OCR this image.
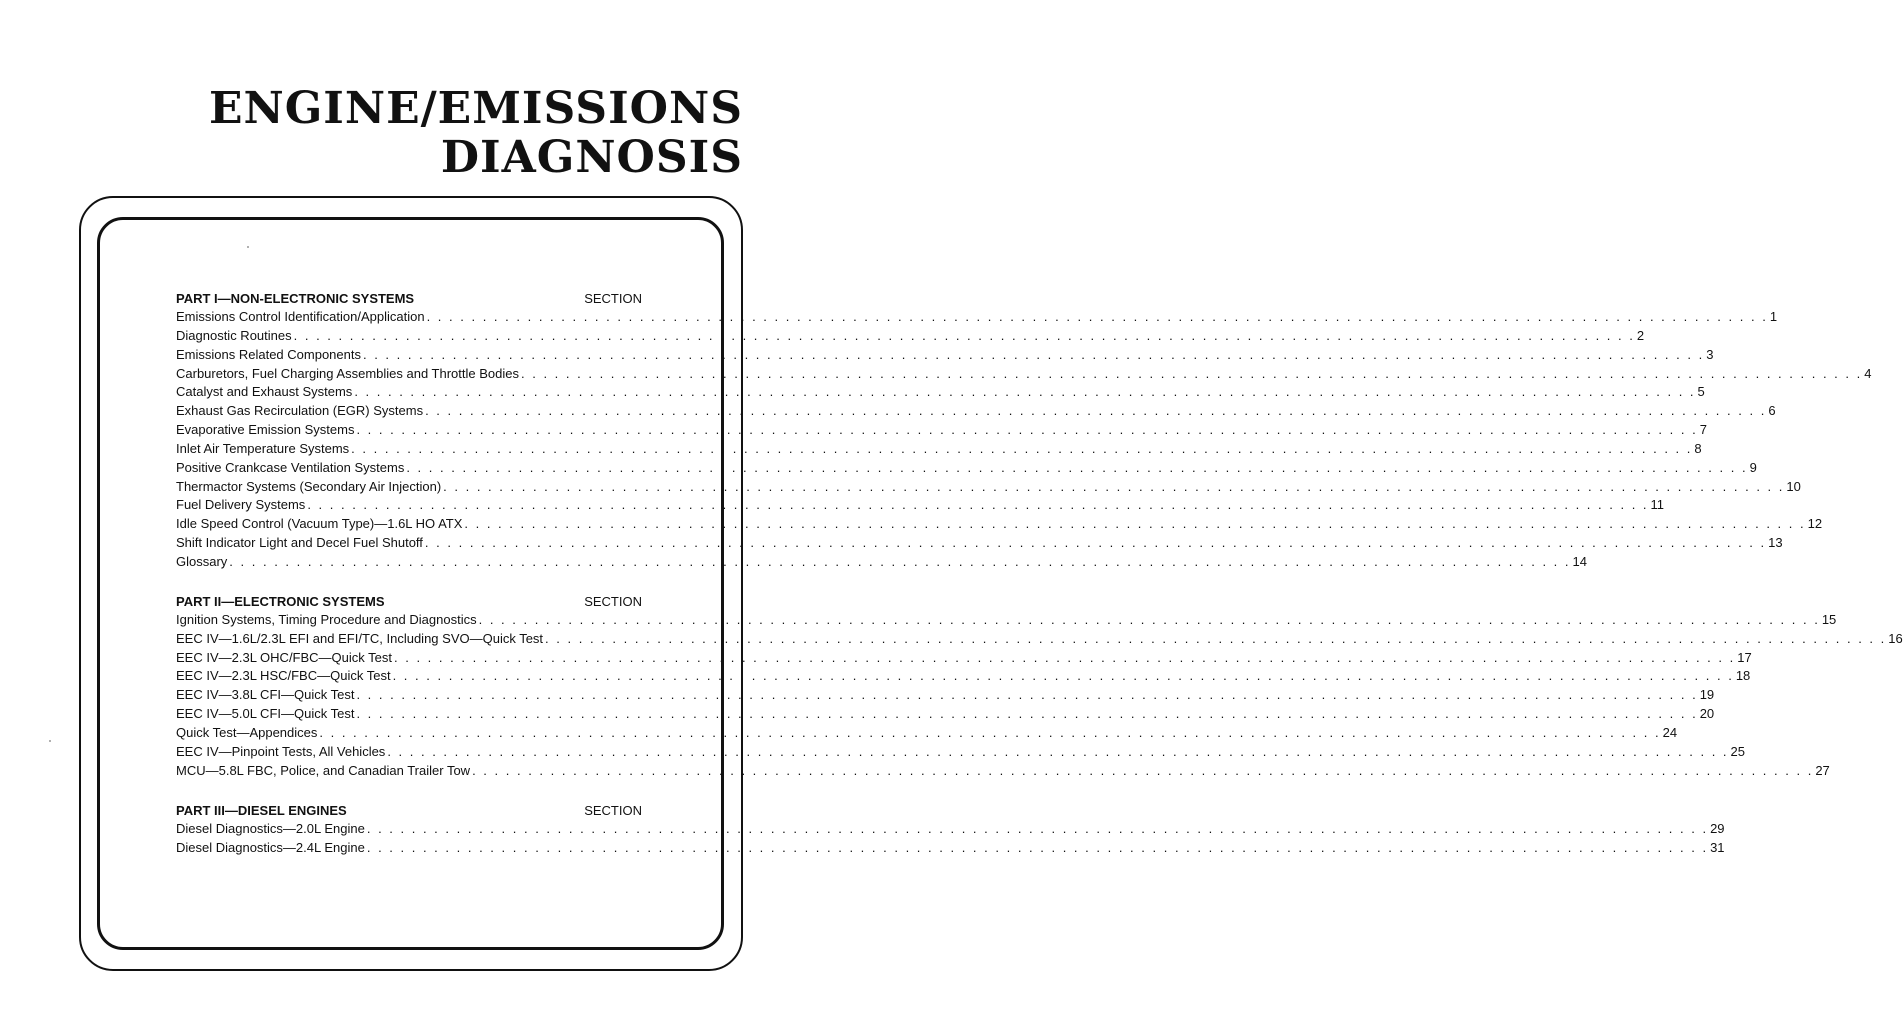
ENGINE/EMISSIONS
DIAGNOSIS
PART I—NON-ELECTRONIC SYSTEMS	SECTION
Emissions Control Identification/Application . . . . . . . . . . . . . . . . . . . . . . . . . . . . . . . . . . . . . . . . . . . . . . . . . . . . . . . . . . . . . . . . . . . . . . . . . . . . . . . . . . . . . . . . . . . . . . . . . . . . . . . . . . . . . . . . . . . . . . . . 1
Diagnostic Routines . . . . . . . . . . . . . . . . . . . . . . . . . . . . . . . . . . . . . . . . . . . . . . . . . . . . . . . . . . . . . . . . . . . . . . . . . . . . . . . . . . . . . . . . . . . . . . . . . . . . . . . . . . . . . . . . . . . . . . . . 2
Emissions Related Components . . . . . . . . . . . . . . . . . . . . . . . . . . . . . . . . . . . . . . . . . . . . . . . . . . . . . . . . . . . . . . . . . . . . . . . . . . . . . . . . . . . . . . . . . . . . . . . . . . . . . . . . . . . . . . . . . . . . . . . . 3
Carburetors, Fuel Charging Assemblies and Throttle Bodies . . . . . . . . . . . . . . . . . . . . . . . . . . . . . . . . . . . . . . . . . . . . . . . . . . . . . . . . . . . . . . . . . . . . . . . . . . . . . . . . . . . . . . . . . . . . . . . . . . . . . . . . . . . . . . . . . . . . . . . . 4
Catalyst and Exhaust Systems . . . . . . . . . . . . . . . . . . . . . . . . . . . . . . . . . . . . . . . . . . . . . . . . . . . . . . . . . . . . . . . . . . . . . . . . . . . . . . . . . . . . . . . . . . . . . . . . . . . . . . . . . . . . . . . . . . . . . . . . 5
Exhaust Gas Recirculation (EGR) Systems . . . . . . . . . . . . . . . . . . . . . . . . . . . . . . . . . . . . . . . . . . . . . . . . . . . . . . . . . . . . . . . . . . . . . . . . . . . . . . . . . . . . . . . . . . . . . . . . . . . . . . . . . . . . . . . . . . . . . . . . 6
Evaporative Emission Systems . . . . . . . . . . . . . . . . . . . . . . . . . . . . . . . . . . . . . . . . . . . . . . . . . . . . . . . . . . . . . . . . . . . . . . . . . . . . . . . . . . . . . . . . . . . . . . . . . . . . . . . . . . . . . . . . . . . . . . . . 7
Inlet Air Temperature Systems . . . . . . . . . . . . . . . . . . . . . . . . . . . . . . . . . . . . . . . . . . . . . . . . . . . . . . . . . . . . . . . . . . . . . . . . . . . . . . . . . . . . . . . . . . . . . . . . . . . . . . . . . . . . . . . . . . . . . . . . 8
Positive Crankcase Ventilation Systems . . . . . . . . . . . . . . . . . . . . . . . . . . . . . . . . . . . . . . . . . . . . . . . . . . . . . . . . . . . . . . . . . . . . . . . . . . . . . . . . . . . . . . . . . . . . . . . . . . . . . . . . . . . . . . . . . . . . . . . . 9
Thermactor Systems (Secondary Air Injection) . . . . . . . . . . . . . . . . . . . . . . . . . . . . . . . . . . . . . . . . . . . . . . . . . . . . . . . . . . . . . . . . . . . . . . . . . . . . . . . . . . . . . . . . . . . . . . . . . . . . . . . . . . . . . . . . . . . . . . . . 10
Fuel Delivery Systems . . . . . . . . . . . . . . . . . . . . . . . . . . . . . . . . . . . . . . . . . . . . . . . . . . . . . . . . . . . . . . . . . . . . . . . . . . . . . . . . . . . . . . . . . . . . . . . . . . . . . . . . . . . . . . . . . . . . . . . . 11
Idle Speed Control (Vacuum Type)—1.6L HO ATX . . . . . . . . . . . . . . . . . . . . . . . . . . . . . . . . . . . . . . . . . . . . . . . . . . . . . . . . . . . . . . . . . . . . . . . . . . . . . . . . . . . . . . . . . . . . . . . . . . . . . . . . . . . . . . . . . . . . . . . . 12
Shift Indicator Light and Decel Fuel Shutoff . . . . . . . . . . . . . . . . . . . . . . . . . . . . . . . . . . . . . . . . . . . . . . . . . . . . . . . . . . . . . . . . . . . . . . . . . . . . . . . . . . . . . . . . . . . . . . . . . . . . . . . . . . . . . . . . . . . . . . . . 13
Glossary . . . . . . . . . . . . . . . . . . . . . . . . . . . . . . . . . . . . . . . . . . . . . . . . . . . . . . . . . . . . . . . . . . . . . . . . . . . . . . . . . . . . . . . . . . . . . . . . . . . . . . . . . . . . . . . . . . . . . . . . 14
PART II—ELECTRONIC SYSTEMS	SECTION
Ignition Systems, Timing Procedure and Diagnostics . . . . . . . . . . . . . . . . . . . . . . . . . . . . . . . . . . . . . . . . . . . . . . . . . . . . . . . . . . . . . . . . . . . . . . . . . . . . . . . . . . . . . . . . . . . . . . . . . . . . . . . . . . . . . . . . . . . . . . . . 15
EEC IV—1.6L/2.3L EFI and EFI/TC, Including SVO—Quick Test . . . . . . . . . . . . . . . . . . . . . . . . . . . . . . . . . . . . . . . . . . . . . . . . . . . . . . . . . . . . . . . . . . . . . . . . . . . . . . . . . . . . . . . . . . . . . . . . . . . . . . . . . . . . . . . . . . . . . . . . 16
EEC IV—2.3L OHC/FBC—Quick Test . . . . . . . . . . . . . . . . . . . . . . . . . . . . . . . . . . . . . . . . . . . . . . . . . . . . . . . . . . . . . . . . . . . . . . . . . . . . . . . . . . . . . . . . . . . . . . . . . . . . . . . . . . . . . . . . . . . . . . . . 17
EEC IV—2.3L HSC/FBC—Quick Test . . . . . . . . . . . . . . . . . . . . . . . . . . . . . . . . . . . . . . . . . . . . . . . . . . . . . . . . . . . . . . . . . . . . . . . . . . . . . . . . . . . . . . . . . . . . . . . . . . . . . . . . . . . . . . . . . . . . . . . . 18
EEC IV—3.8L CFI—Quick Test . . . . . . . . . . . . . . . . . . . . . . . . . . . . . . . . . . . . . . . . . . . . . . . . . . . . . . . . . . . . . . . . . . . . . . . . . . . . . . . . . . . . . . . . . . . . . . . . . . . . . . . . . . . . . . . . . . . . . . . . 19
EEC IV—5.0L CFI—Quick Test . . . . . . . . . . . . . . . . . . . . . . . . . . . . . . . . . . . . . . . . . . . . . . . . . . . . . . . . . . . . . . . . . . . . . . . . . . . . . . . . . . . . . . . . . . . . . . . . . . . . . . . . . . . . . . . . . . . . . . . . 20
Quick Test—Appendices . . . . . . . . . . . . . . . . . . . . . . . . . . . . . . . . . . . . . . . . . . . . . . . . . . . . . . . . . . . . . . . . . . . . . . . . . . . . . . . . . . . . . . . . . . . . . . . . . . . . . . . . . . . . . . . . . . . . . . . . 24
EEC IV—Pinpoint Tests, All Vehicles . . . . . . . . . . . . . . . . . . . . . . . . . . . . . . . . . . . . . . . . . . . . . . . . . . . . . . . . . . . . . . . . . . . . . . . . . . . . . . . . . . . . . . . . . . . . . . . . . . . . . . . . . . . . . . . . . . . . . . . . 25
MCU—5.8L FBC, Police, and Canadian Trailer Tow . . . . . . . . . . . . . . . . . . . . . . . . . . . . . . . . . . . . . . . . . . . . . . . . . . . . . . . . . . . . . . . . . . . . . . . . . . . . . . . . . . . . . . . . . . . . . . . . . . . . . . . . . . . . . . . . . . . . . . . . 27
PART III—DIESEL ENGINES	SECTION
Diesel Diagnostics—2.0L Engine . . . . . . . . . . . . . . . . . . . . . . . . . . . . . . . . . . . . . . . . . . . . . . . . . . . . . . . . . . . . . . . . . . . . . . . . . . . . . . . . . . . . . . . . . . . . . . . . . . . . . . . . . . . . . . . . . . . . . . . . 29
Diesel Diagnostics—2.4L Engine . . . . . . . . . . . . . . . . . . . . . . . . . . . . . . . . . . . . . . . . . . . . . . . . . . . . . . . . . . . . . . . . . . . . . . . . . . . . . . . . . . . . . . . . . . . . . . . . . . . . . . . . . . . . . . . . . . . . . . . . 31
